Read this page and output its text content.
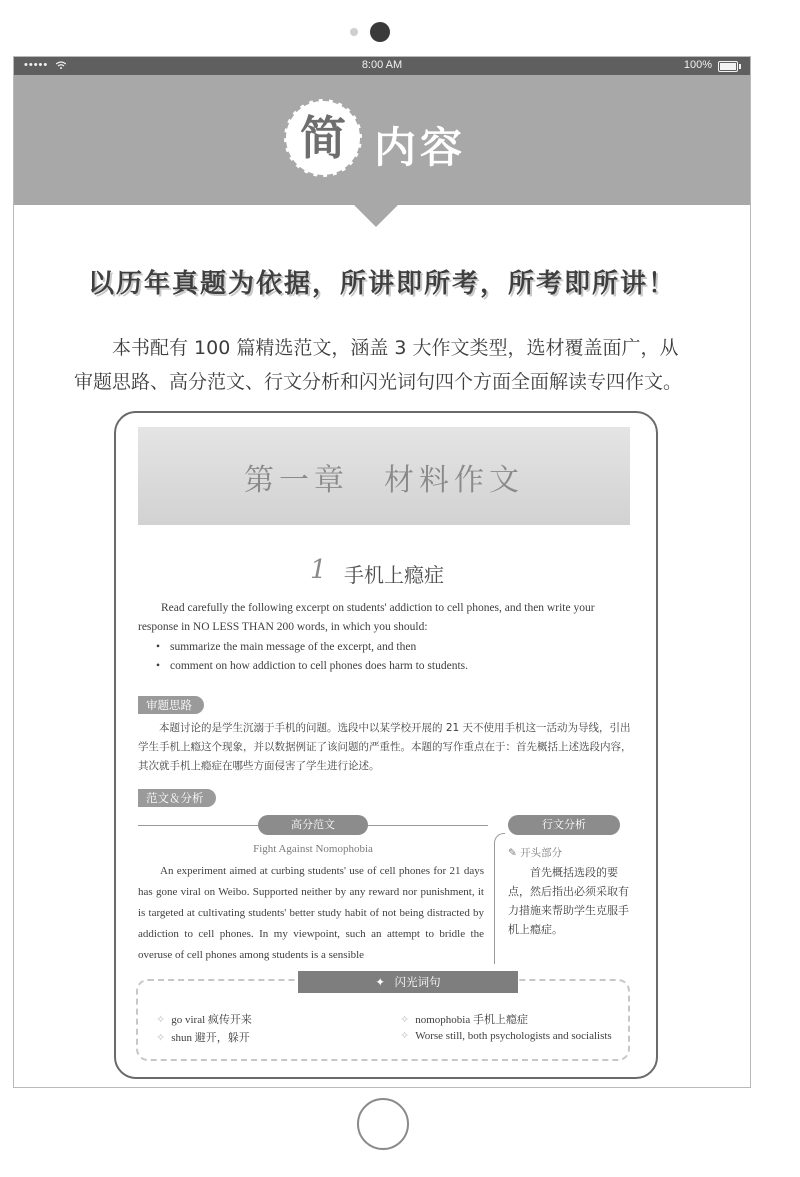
•••••	8:00 AM	100%
简 内容
以历年真题为依据，所讲即所考，所考即所讲！
本书配有 100 篇精选范文，涵盖 3 大作文类型，选材覆盖面广，从审题思路、高分范文、行文分析和闪光词句四个方面全面解读专四作文。
第一章　材料作文
1 手机上瘾症
Read carefully the following excerpt on students' addiction to cell phones, and then write your response in NO LESS THAN 200 words, in which you should:
• summarize the main message of the excerpt, and then
• comment on how addiction to cell phones does harm to students.
审题思路
本题讨论的是学生沉溺于手机的问题。选段中以某学校开展的 21 天不使用手机这一活动为导线，引出学生手机上瘾这个现象，并以数据例证了该问题的严重性。本题的写作重点在于：首先概括上述选段内容，其次就手机上瘾症在哪些方面侵害了学生进行论述。
范文＆分析
高分范文
Fight Against Nomophobia
An experiment aimed at curbing students' use of cell phones for 21 days has gone viral on Weibo. Supported neither by any reward nor punishment, it is targeted at cultivating students' better study habit of not being distracted by addiction to cell phones. In my viewpoint, such an attempt to bridle the overuse of cell phones among students is a sensible
行文分析
✎ 开头部分
首先概括选段的要点，然后指出必须采取有力措施来帮助学生克服手机上瘾症。
✦ 闪光词句
✧ go viral 疯传开来
✧ shun 避开，躲开
✧ nomophobia 手机上瘾症
✧ Worse still, both psychologists and socialists
